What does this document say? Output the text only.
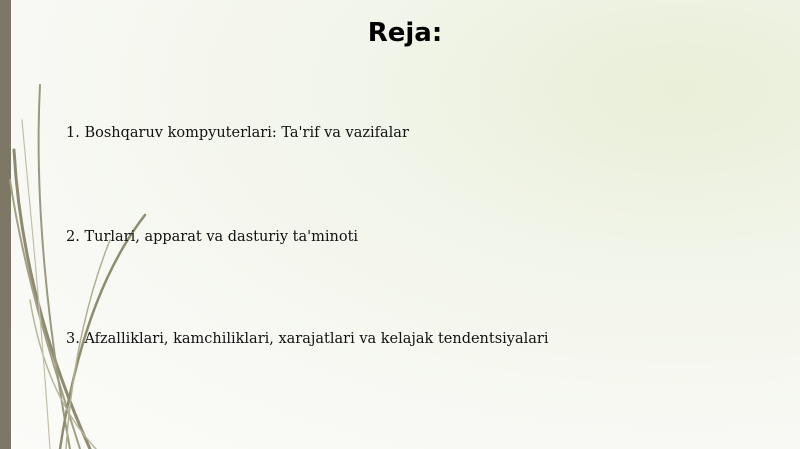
Reja:
1. Boshqaruv kompyuterlari: Ta'rif va vazifalar
2. Turlari, apparat va dasturiy ta'minoti
3. Afzalliklari, kamchiliklari, xarajatlari va kelajak tendentsiyalari
